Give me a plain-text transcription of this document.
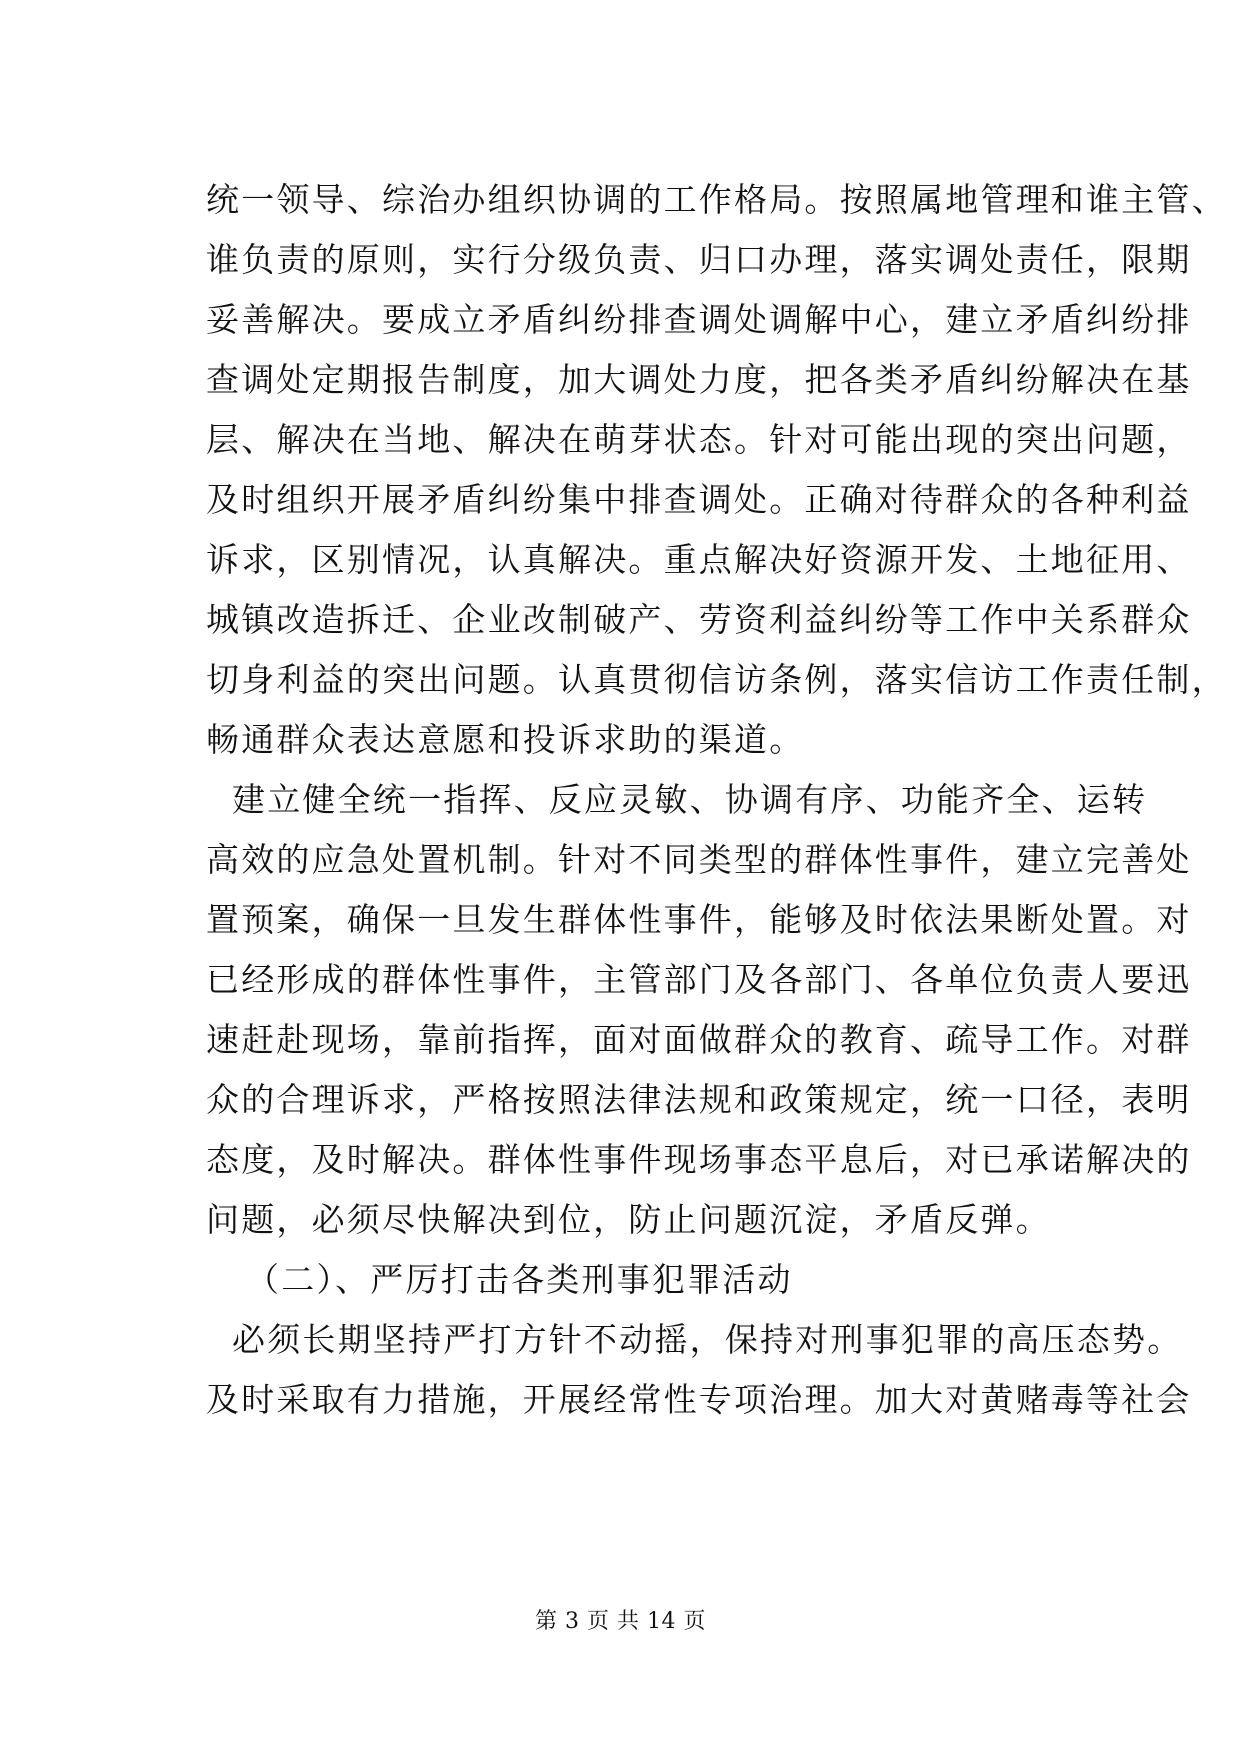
统一领导、综治办组织协调的工作格局。按照属地管理和谁主管、
谁负责的原则，实行分级负责、归口办理，落实调处责任，限期
妥善解决。要成立矛盾纠纷排查调处调解中心，建立矛盾纠纷排
查调处定期报告制度，加大调处力度，把各类矛盾纠纷解决在基
层、解决在当地、解决在萌芽状态。针对可能出现的突出问题，
及时组织开展矛盾纠纷集中排查调处。正确对待群众的各种利益
诉求，区别情况，认真解决。重点解决好资源开发、土地征用、
城镇改造拆迁、企业改制破产、劳资利益纠纷等工作中关系群众
切身利益的突出问题。认真贯彻信访条例，落实信访工作责任制，
畅通群众表达意愿和投诉求助的渠道。
建立健全统一指挥、反应灵敏、协调有序、功能齐全、运转
高效的应急处置机制。针对不同类型的群体性事件，建立完善处
置预案，确保一旦发生群体性事件，能够及时依法果断处置。对
已经形成的群体性事件，主管部门及各部门、各单位负责人要迅
速赶赴现场，靠前指挥，面对面做群众的教育、疏导工作。对群
众的合理诉求，严格按照法律法规和政策规定，统一口径，表明
态度，及时解决。群体性事件现场事态平息后，对已承诺解决的
问题，必须尽快解决到位，防止问题沉淀，矛盾反弹。
（二）、严厉打击各类刑事犯罪活动
必须长期坚持严打方针不动摇，保持对刑事犯罪的高压态势。
及时采取有力措施，开展经常性专项治理。加大对黄赌毒等社会
第 3 页 共 14 页
